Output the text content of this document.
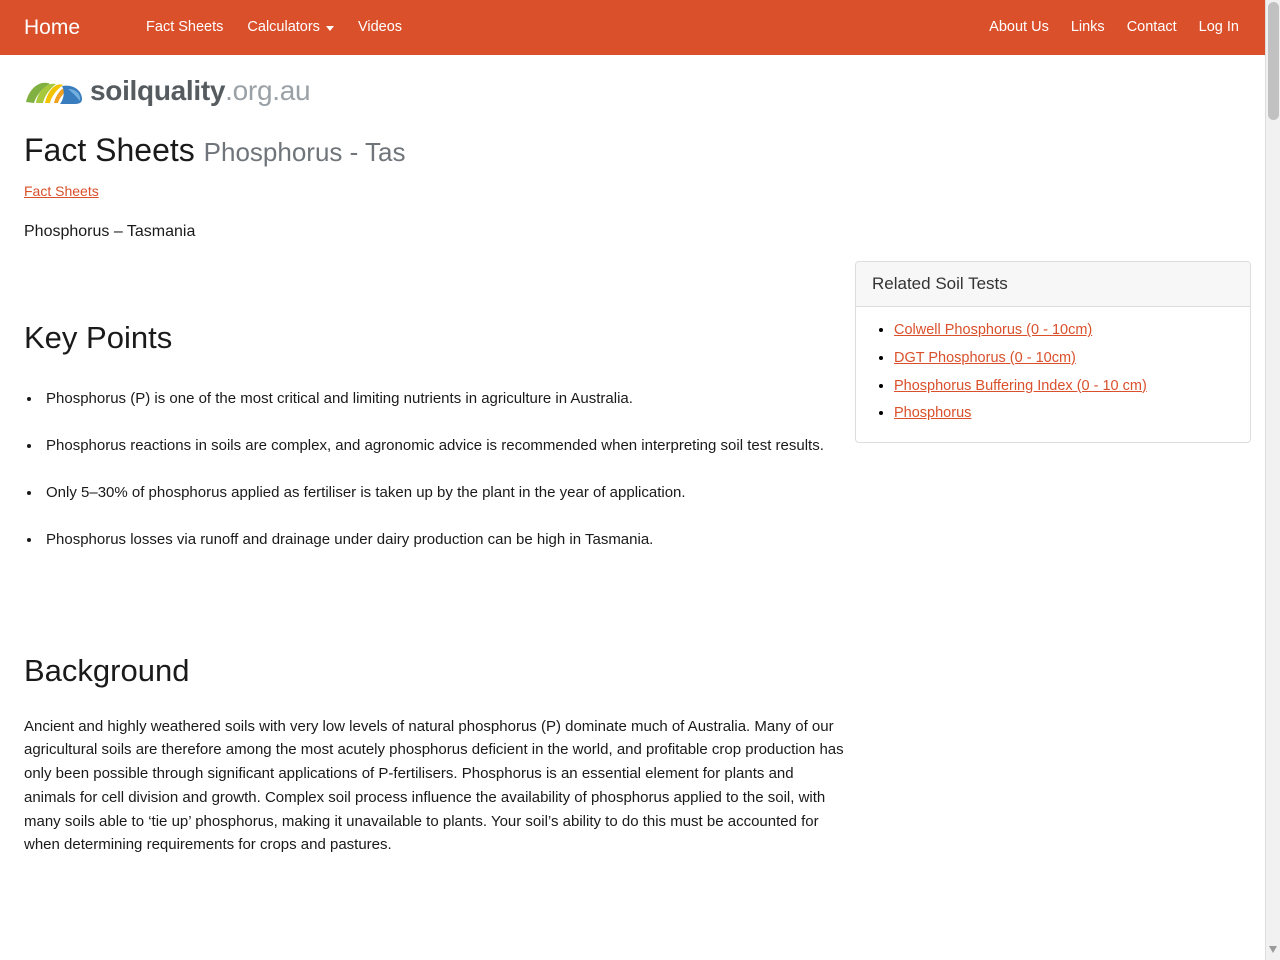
Home	Fact Sheets Calculators	Videos	About Us Links Contact Log In
soilquality.org.au
Fact Sheets Phosphorus - Tas
Fact Sheets
Phosphorus – Tasmania
Key Points
• Phosphorus (P) is one of the most critical and limiting nutrients in agriculture in Australia.
• Phosphorus reactions in soils are complex, and agronomic advice is recommended when interpreting soil test results.
• Only 5–30% of phosphorus applied as fertiliser is taken up by the plant in the year of application.
• Phosphorus losses via runoff and drainage under dairy production can be high in Tasmania.
Background

Ancient and highly weathered soils with very low levels of natural phosphorus (P) dominate much of Australia. Many of our agricultural soils are therefore among the most acutely phosphorus deficient in the world, and profitable crop production has only been possible through significant applications of P-fertilisers. Phosphorus is an essential element for plants and animals for cell division and growth. Complex soil process influence the availability of phosphorus applied to the soil, with many soils able to ‘tie up’ phosphorus, making it unavailable to plants. Your soil’s ability to do this must be accounted for when determining requirements for crops and pastures.

Related Soil Tests
• Colwell Phosphorus (0 - 10cm)
• DGT Phosphorus (0 - 10cm)
• Phosphorus Buffering Index (0 - 10 cm)
• Phosphorus
